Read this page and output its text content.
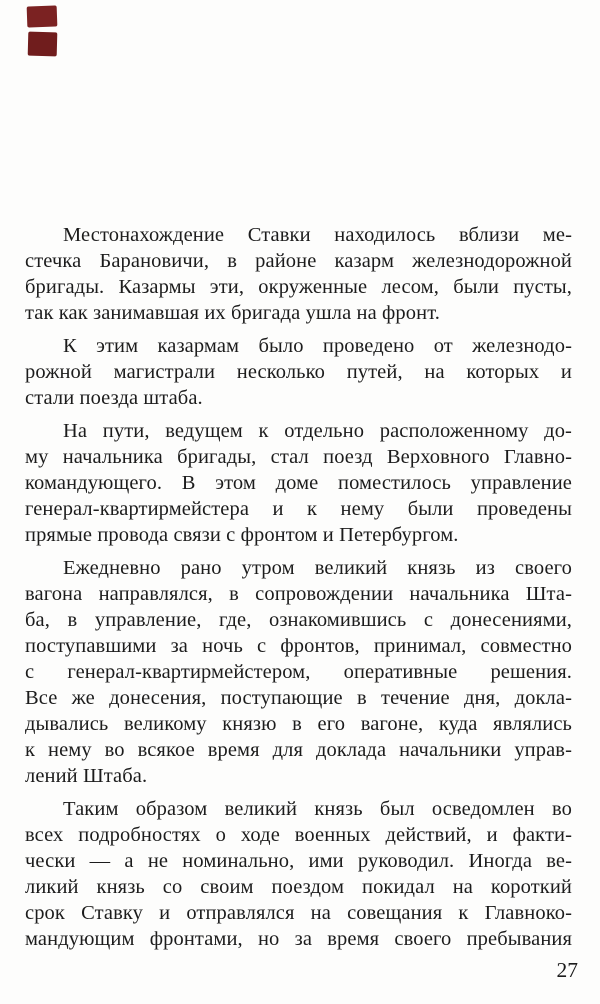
Местонахождение Ставки находилось вблизи ме-
стечка Барановичи, в районе казарм железнодорожной
бригады. Казармы эти, окруженные лесом, были пусты,
так как занимавшая их бригада ушла на фронт.
К этим казармам было проведено от железнодо-
рожной магистрали несколько путей, на которых и
стали поезда штаба.
На пути, ведущем к отдельно расположенному до-
му начальника бригады, стал поезд Верховного Главно-
командующего. В этом доме поместилось управление
генерал-квартирмейстера и к нему были проведены
прямые провода связи с фронтом и Петербургом.
Ежедневно рано утром великий князь из своего
вагона направлялся, в сопровождении начальника Шта-
ба, в управление, где, ознакомившись с донесениями,
поступавшими за ночь с фронтов, принимал, совместно
с генерал-квартирмейстером, оперативные решения.
Все же донесения, поступающие в течение дня, докла-
дывались великому князю в его вагоне, куда являлись
к нему во всякое время для доклада начальники управ-
лений Штаба.
Таким образом великий князь был осведомлен во
всех подробностях о ходе военных действий, и факти-
чески — а не номинально, ими руководил. Иногда ве-
ликий князь со своим поездом покидал на короткий
срок Ставку и отправлялся на совещания к Главноко-
мандующим фронтами, но за время своего пребывания
27
